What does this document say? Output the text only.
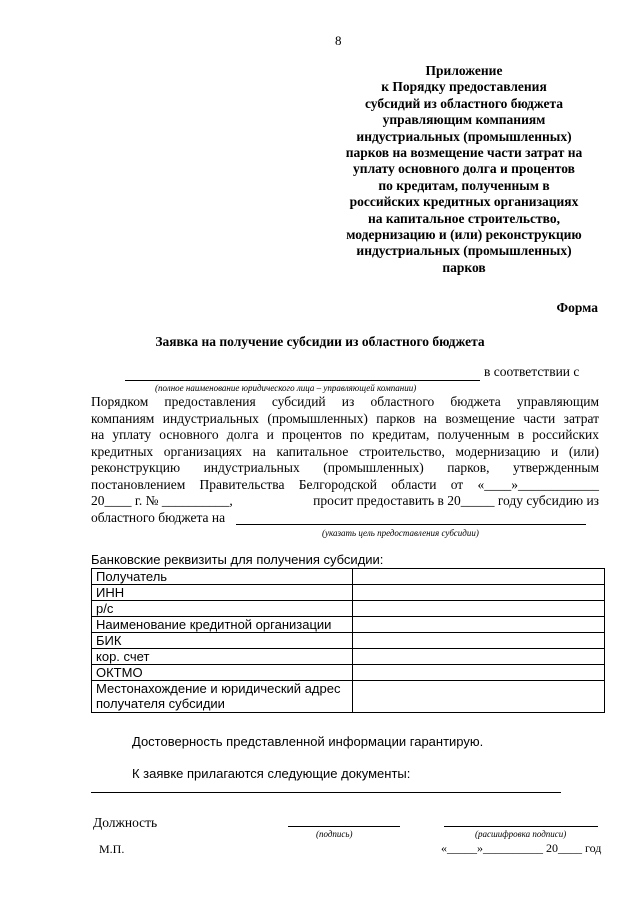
8
Приложение
к Порядку предоставления
субсидий из областного бюджета
управляющим компаниям
индустриальных (промышленных)
парков на возмещение части затрат на
уплату основного долга и процентов
по кредитам, полученным в
российских кредитных организациях
на капитальное строительство,
модернизацию и (или) реконструкцию
индустриальных (промышленных)
парков
Форма
Заявка на получение субсидии из областного бюджета
в соответствии с
(полное наименование юридического лица – управляющей компании)
Порядком предоставления субсидий из областного бюджета управляющим
компаниям индустриальных (промышленных) парков на возмещение части затрат
на уплату основного долга и процентов по кредитам, полученным в российских
кредитных организациях на капитальное строительство, модернизацию и (или)
реконструкцию индустриальных (промышленных) парков, утвержденным
постановлением Правительства Белгородской области от «____»____________
20____ г. № __________,	просит предоставить в 20_____ году субсидию из
областного бюджета на
(указать цель предоставления субсидии)
Банковские реквизиты для получения субсидии:
Получатель	
ИНН	
р/с	
Наименование кредитной организации	
БИК	
кор. счет	
ОКТМО	
Местонахождение и юридический адрес получателя субсидии	
Достоверность представленной информации гарантирую.
К заявке прилагаются следующие документы:
Должность
(подпись)	(расшифровка подписи)
«_____»__________ 20____ год
М.П.
